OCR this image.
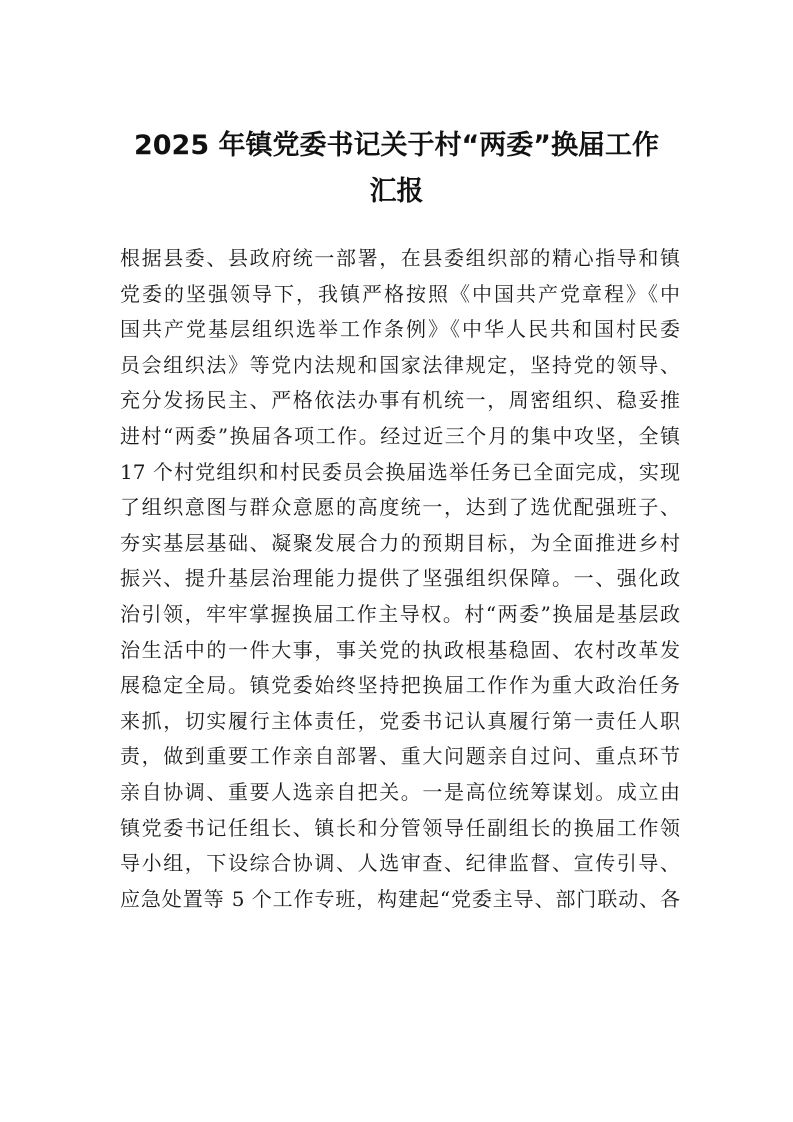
2025 年镇党委书记关于村“两委”换届工作
汇报

根据县委、县政府统一部署，在县委组织部的精心指导和镇

党委的坚强领导下，我镇严格按照《中国共产党章程》《中

国共产党基层组织选举工作条例》《中华人民共和国村民委

员会组织法》等党内法规和国家法律规定，坚持党的领导、

充分发扬民主、严格依法办事有机统一，周密组织、稳妥推

进村“两委”换届各项工作。经过近三个月的集中攻坚，全镇

17 个村党组织和村民委员会换届选举任务已全面完成，实现

了组织意图与群众意愿的高度统一，达到了选优配强班子、

夯实基层基础、凝聚发展合力的预期目标，为全面推进乡村

振兴、提升基层治理能力提供了坚强组织保障。一、强化政

治引领，牢牢掌握换届工作主导权。村“两委”换届是基层政

治生活中的一件大事，事关党的执政根基稳固、农村改革发

展稳定全局。镇党委始终坚持把换届工作作为重大政治任务

来抓，切实履行主体责任，党委书记认真履行第一责任人职

责，做到重要工作亲自部署、重大问题亲自过问、重点环节

亲自协调、重要人选亲自把关。一是高位统筹谋划。成立由

镇党委书记任组长、镇长和分管领导任副组长的换届工作领

导小组，下设综合协调、人选审查、纪律监督、宣传引导、

应急处置等 5 个工作专班，构建起“党委主导、部门联动、各
